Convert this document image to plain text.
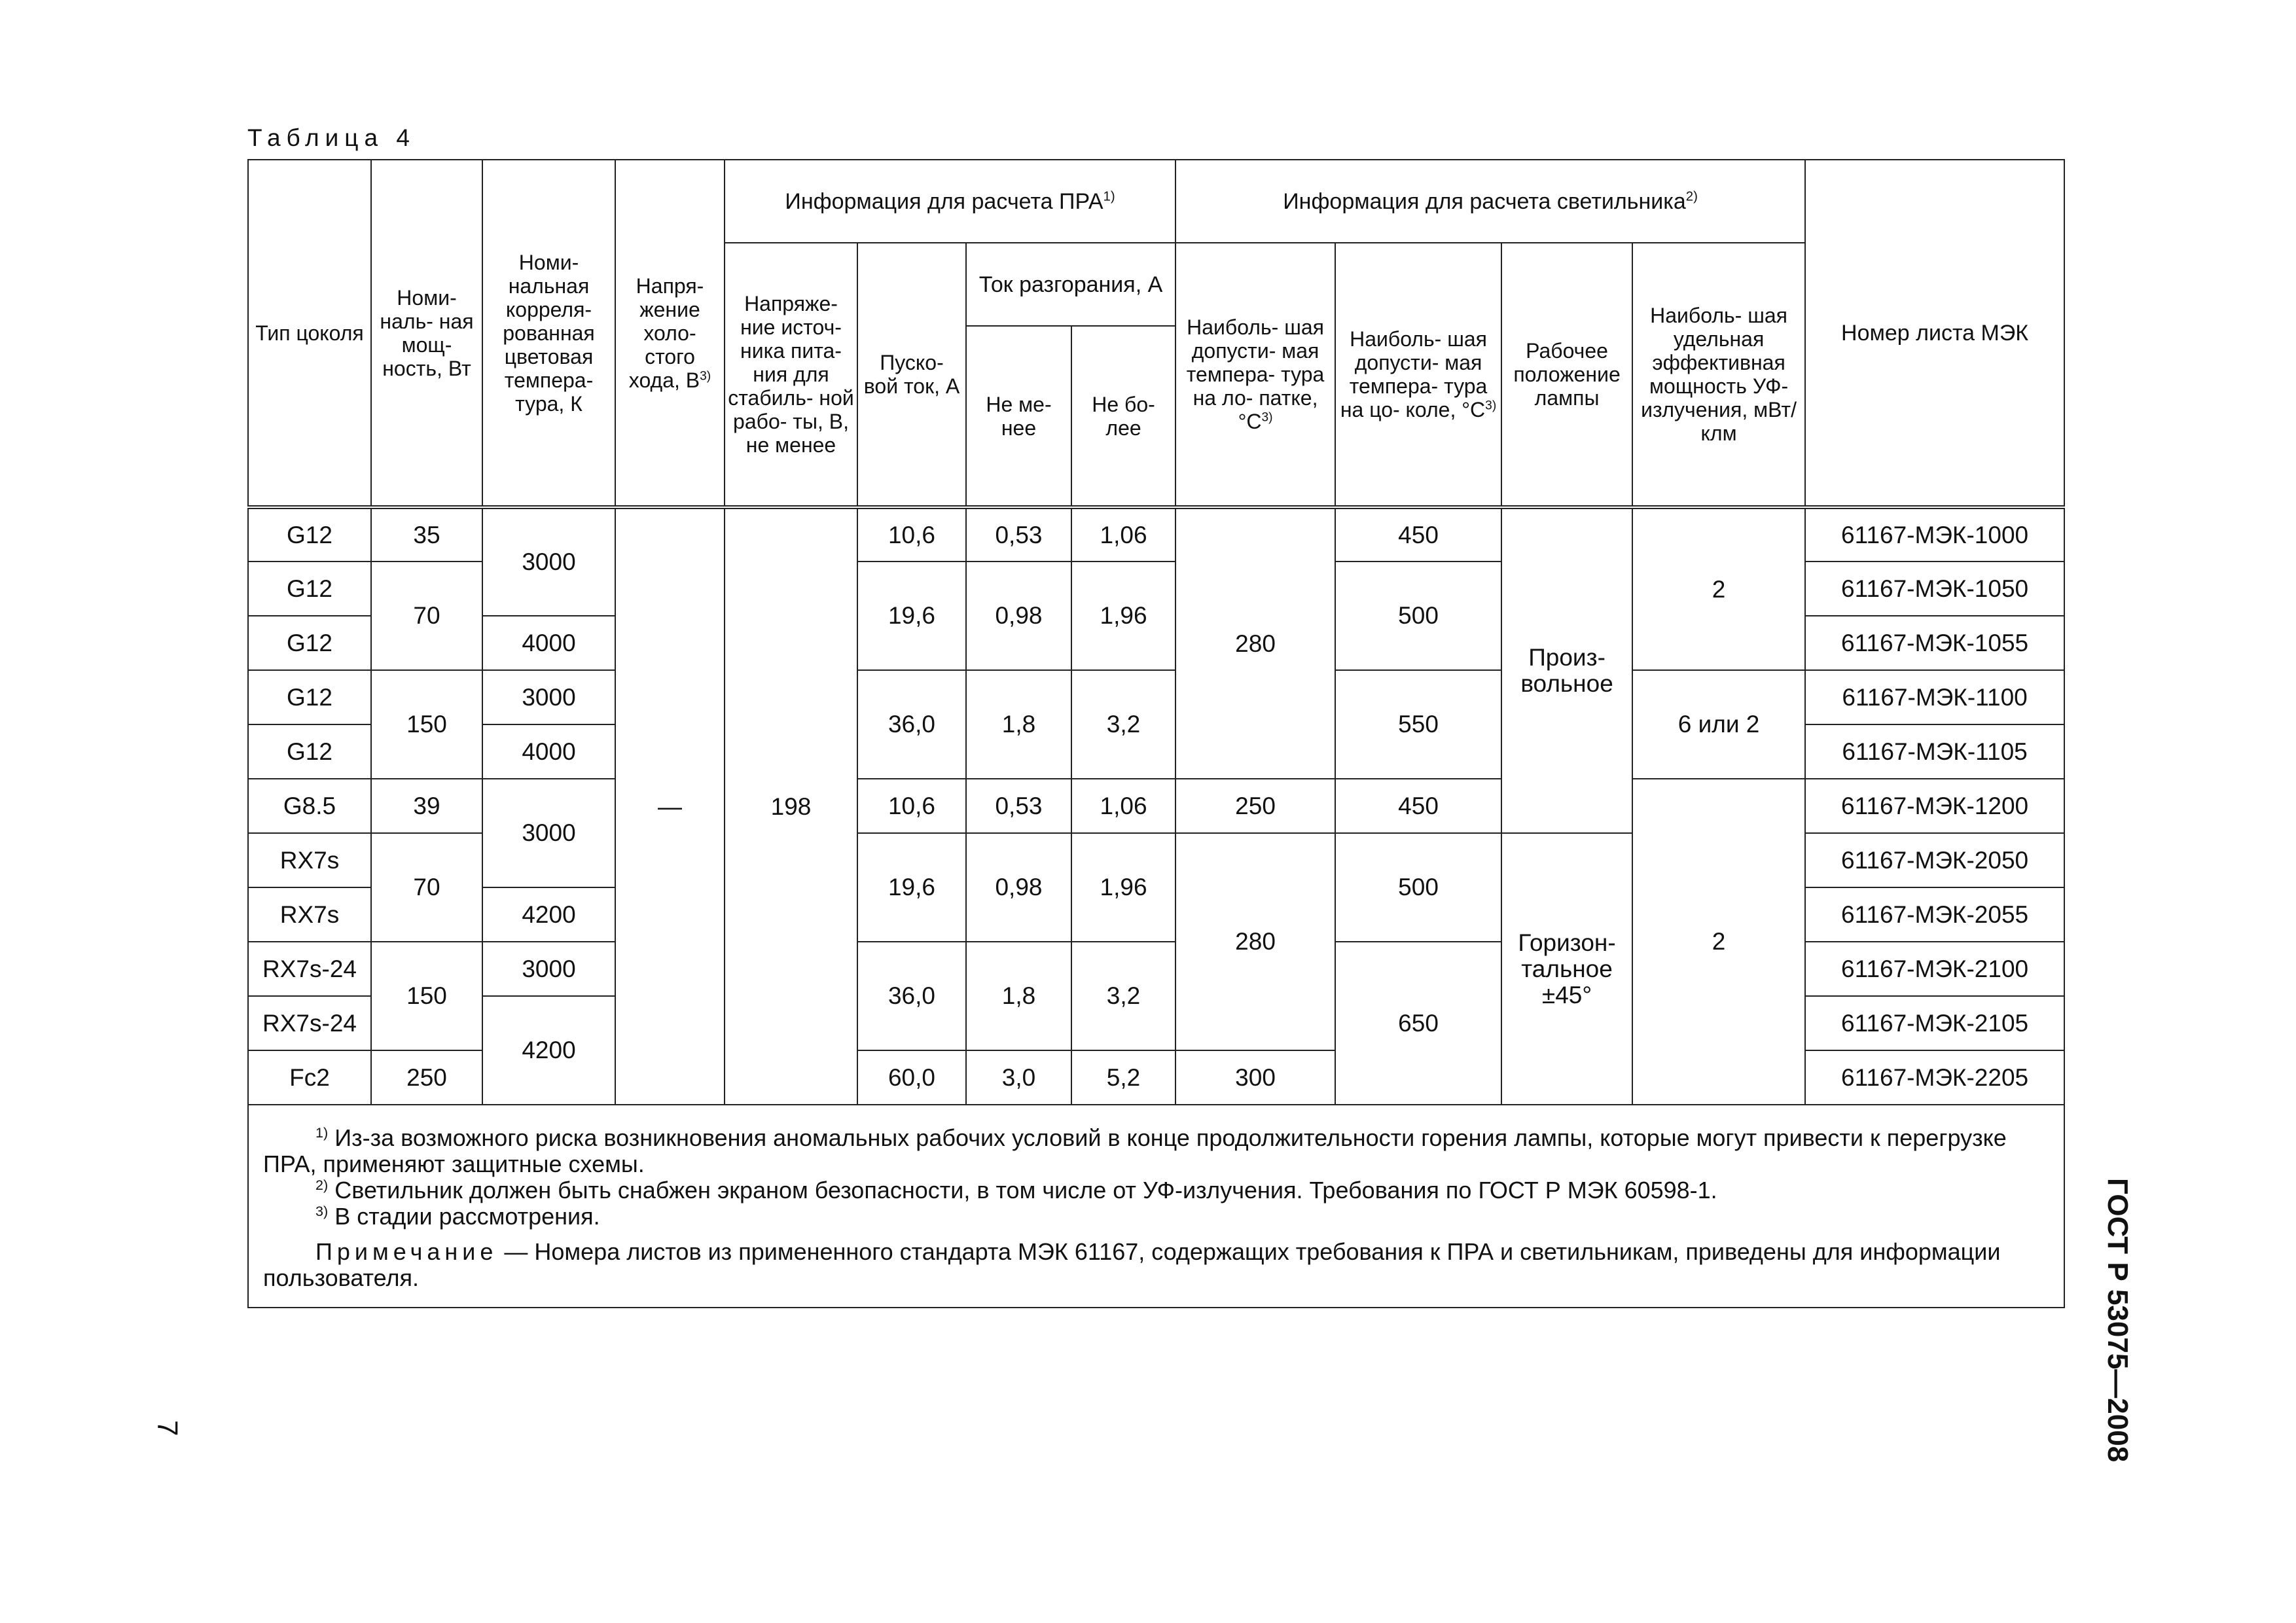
Таблица 4
Тип цоколя	Номи- наль- ная мощ- ность, Вт	Номи- нальная корреля- рованная цветовая темпера- тура, К	Напря- жение холо- стого хода, $В^{3)}$	Информация для расчета ПРА$^{1)}$				Информация для расчета светильника$^{2)}$				Номер листа МЭК
				Напряже- ние источ- ника пита- ния для стабиль- ной рабо- ты, В, не менее	Пуско- вой ток, А	Ток разгорания, А		Наиболь- шая допусти- мая темпера- тура на ло- патке, $^\circ С^{3)}$	Наиболь- шая допусти- мая темпера- тура на цо- коле, $^\circ С^{3)}$	Рабочее положение лампы	Наиболь- шая удельная эффективная мощность УФ-излучения, мВт/клм	
						Не ме- нее	Не бо- лее					
G12	35	3000	—	198	10,6	0,53	1,06	280	450	Произ- вольное	2	61167-МЭК-1000
G12	70				19,6	0,98	1,96		500			61167-МЭК-1050
G12		4000										61167-МЭК-1055
G12	150	3000			36,0	1,8	3,2		550		6 или 2	61167-МЭК-1100
G12		4000										61167-МЭК-1105
G8.5	39	3000			10,6	0,53	1,06	250	450		2	61167-МЭК-1200
RX7s	70				19,6	0,98	1,96	280	500	Горизон- тальное ±45°		61167-МЭК-2050
RX7s		4200										61167-МЭК-2055
RX7s-24	150	3000			36,0	1,8	3,2		650			61167-МЭК-2100
RX7s-24		4200										61167-МЭК-2105
Fc2	250				60,0	3,0	5,2	300				61167-МЭК-2205

$^{1)}$ Из-за возможного риска возникновения аномальных рабочих условий в конце продолжительности горения лампы, которые могут привести к перегрузке ПРА, применяют защитные схемы.
$^{2)}$ Светильник должен быть снабжен экраном безопасности, в том числе от УФ-излучения. Требования по ГОСТ Р МЭК 60598-1.
$^{3)}$ В стадии рассмотрения.
Примечание — Номера листов из примененного стандарта МЭК 61167, содержащих требования к ПРА и светильникам, приведены для информации пользователя.													ГОСТ Р 53075—2008
7
